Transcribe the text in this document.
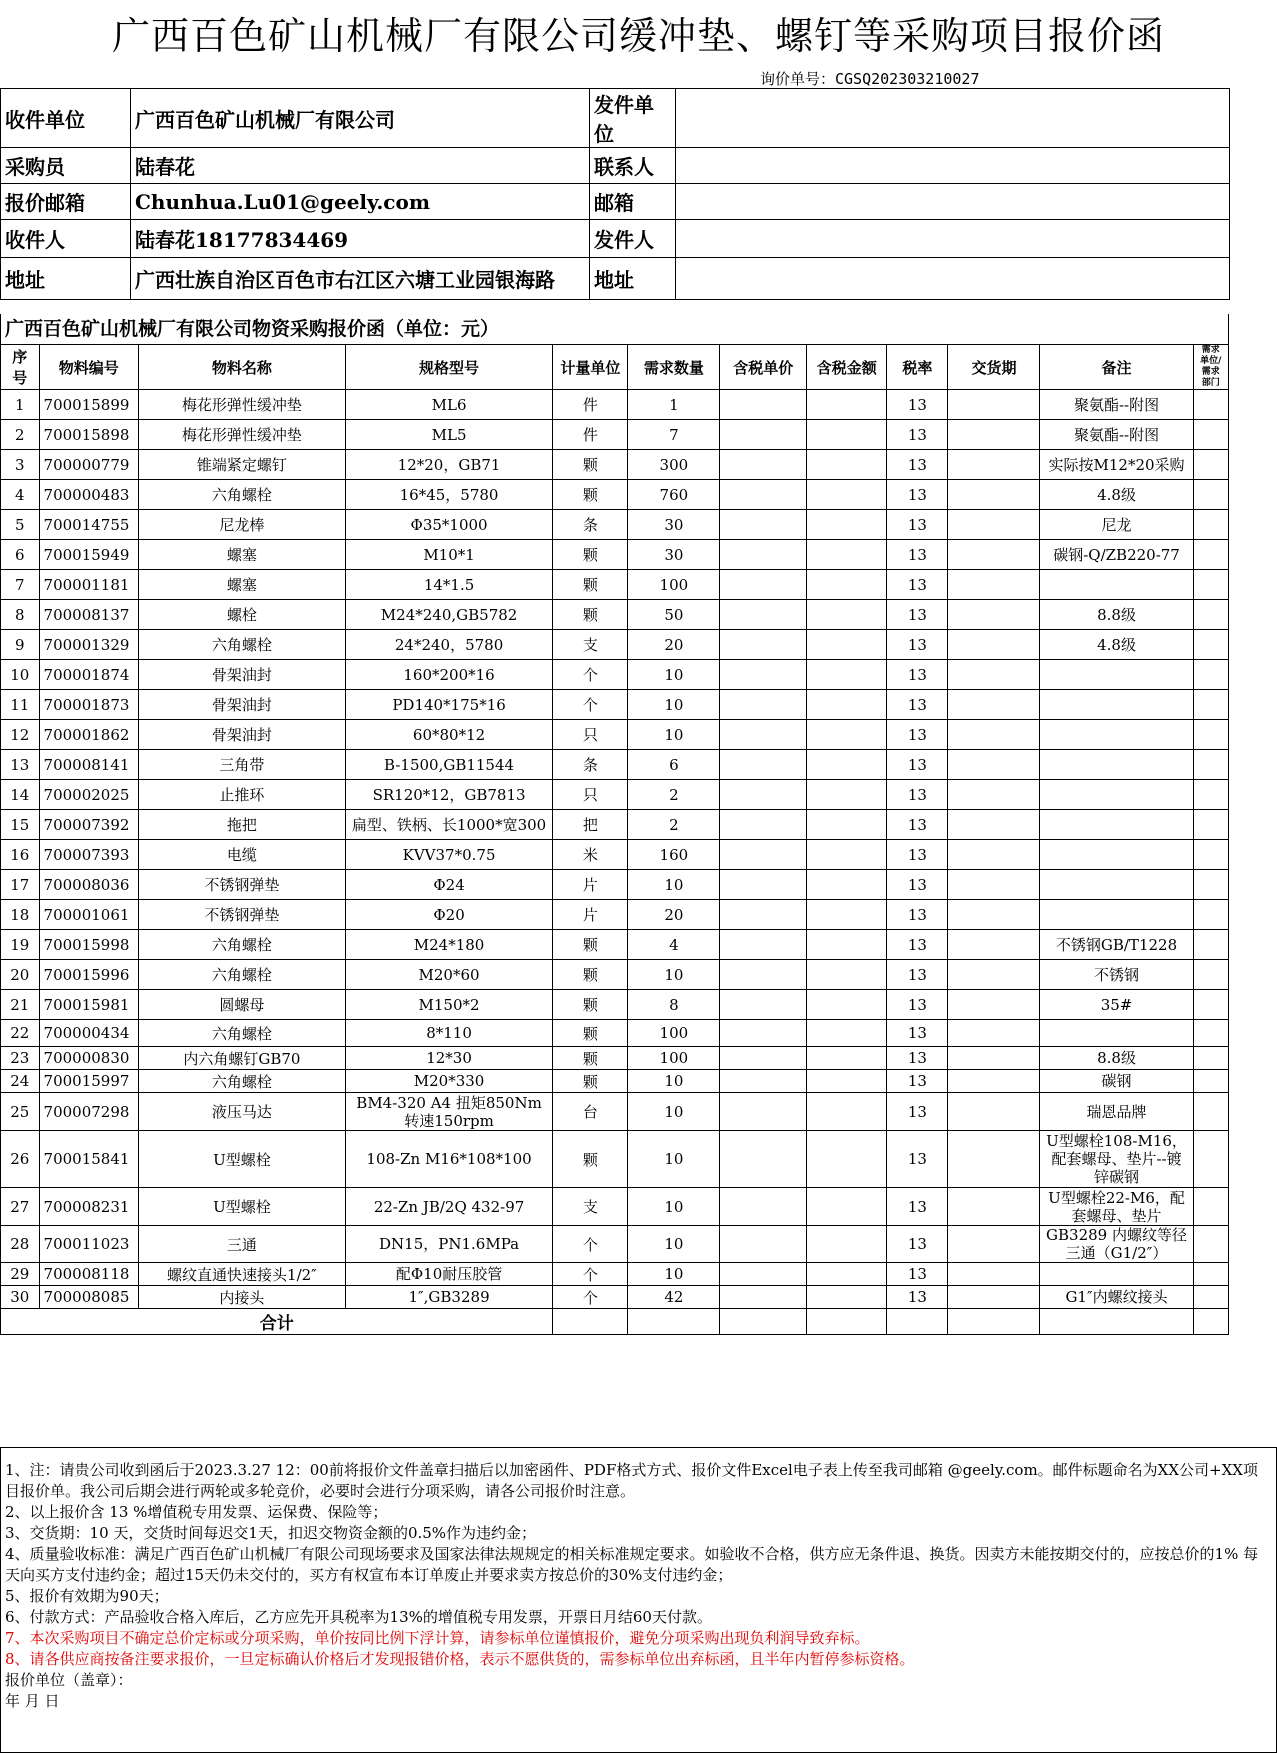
广西百色矿山机械厂有限公司缓冲垫、螺钉等采购项目报价函
询价单号：CGSQ202303210027
收件单位	广西百色矿山机械厂有限公司	发件单位	
采购员	陆春花	联系人	
报价邮箱	Chunhua.Lu01@geely.com	邮箱	
收件人	陆春花18177834469	发件人	
地址	广西壮族自治区百色市右江区六塘工业园银海路	地址	
广西百色矿山机械厂有限公司物资采购报价函（单位：元）
序号	物料编号	物料名称	规格型号	计量单位	需求数量	含税单价	含税金额	税率	交货期	备注	需求单位/需求部门
1	700015899	梅花形弹性缓冲垫	ML6	件	1			13		聚氨酯--附图	
2	700015898	梅花形弹性缓冲垫	ML5	件	7			13		聚氨酯--附图	
3	700000779	锥端紧定螺钉	12*20，GB71	颗	300			13		实际按M12*20采购	
4	700000483	六角螺栓	16*45，5780	颗	760			13		4.8级	
5	700014755	尼龙棒	Φ35*1000	条	30			13		尼龙	
6	700015949	螺塞	M10*1	颗	30			13		碳钢-Q/ZB220-77	
7	700001181	螺塞	14*1.5	颗	100			13			
8	700008137	螺栓	M24*240,GB5782	颗	50			13		8.8级	
9	700001329	六角螺栓	24*240，5780	支	20			13		4.8级	
10	700001874	骨架油封	160*200*16	个	10			13			
11	700001873	骨架油封	PD140*175*16	个	10			13			
12	700001862	骨架油封	60*80*12	只	10			13			
13	700008141	三角带	B-1500,GB11544	条	6			13			
14	700002025	止推环	SR120*12，GB7813	只	2			13			
15	700007392	拖把	扁型、铁柄、长1000*宽300	把	2			13			
16	700007393	电缆	KVV37*0.75	米	160			13			
17	700008036	不锈钢弹垫	Φ24	片	10			13			
18	700001061	不锈钢弹垫	Φ20	片	20			13			
19	700015998	六角螺栓	M24*180	颗	4			13		不锈钢GB/T1228	
20	700015996	六角螺栓	M20*60	颗	10			13		不锈钢	
21	700015981	圆螺母	M150*2	颗	8			13		35#	
22	700000434	六角螺栓	8*110	颗	100			13			
23	700000830	内六角螺钉GB70	12*30	颗	100			13		8.8级	
24	700015997	六角螺栓	M20*330	颗	10			13		碳钢	
25	700007298	液压马达	BM4-320 A4 扭矩850Nm 转速150rpm	台	10			13		瑞恩品牌	
26	700015841	U型螺栓	108-Zn M16*108*100	颗	10			13		U型螺栓108-M16，配套螺母、垫片--镀锌碳钢	
27	700008231	U型螺栓	22-Zn JB/2Q 432-97	支	10			13		U型螺栓22-M6，配套螺母、垫片	
28	700011023	三通	DN15，PN1.6MPa	个	10			13		GB3289 内螺纹等径三通（G1/2″）	
29	700008118	螺纹直通快速接头1/2″	配Φ10耐压胶管	个	10			13			
30	700008085	内接头	1″,GB3289	个	42			13		G1″内螺纹接头	
合计											

1、注：请贵公司收到函后于2023.3.27 12：00前将报价文件盖章扫描后以加密函件、PDF格式方式、报价文件Excel电子表上传至我司邮箱 @geely.com。邮件标题命名为XX公司+XX项目报价单。我公司后期会进行两轮或多轮竞价，必要时会进行分项采购，请各公司报价时注意。

2、以上报价含 13 %增值税专用发票、运保费、保险等；

3、交货期：10 天，交货时间每迟交1天，扣迟交物资金额的0.5%作为违约金；

4、质量验收标准：满足广西百色矿山机械厂有限公司现场要求及国家法律法规规定的相关标准规定要求。如验收不合格，供方应无条件退、换货。因卖方未能按期交付的，应按总价的1% 每天向买方支付违约金；超过15天仍未交付的，买方有权宣布本订单废止并要求卖方按总价的30%支付违约金；

5、报价有效期为90天；

6、付款方式：产品验收合格入库后，乙方应先开具税率为13%的增值税专用发票，开票日月结60天付款。

7、本次采购项目不确定总价定标或分项采购，单价按同比例下浮计算，请参标单位谨慎报价，避免分项采购出现负利润导致弃标。

8、请各供应商按备注要求报价，一旦定标确认价格后才发现报错价格，表示不愿供货的，需参标单位出弃标函，且半年内暂停参标资格。

报价单位（盖章）：

年 月 日
